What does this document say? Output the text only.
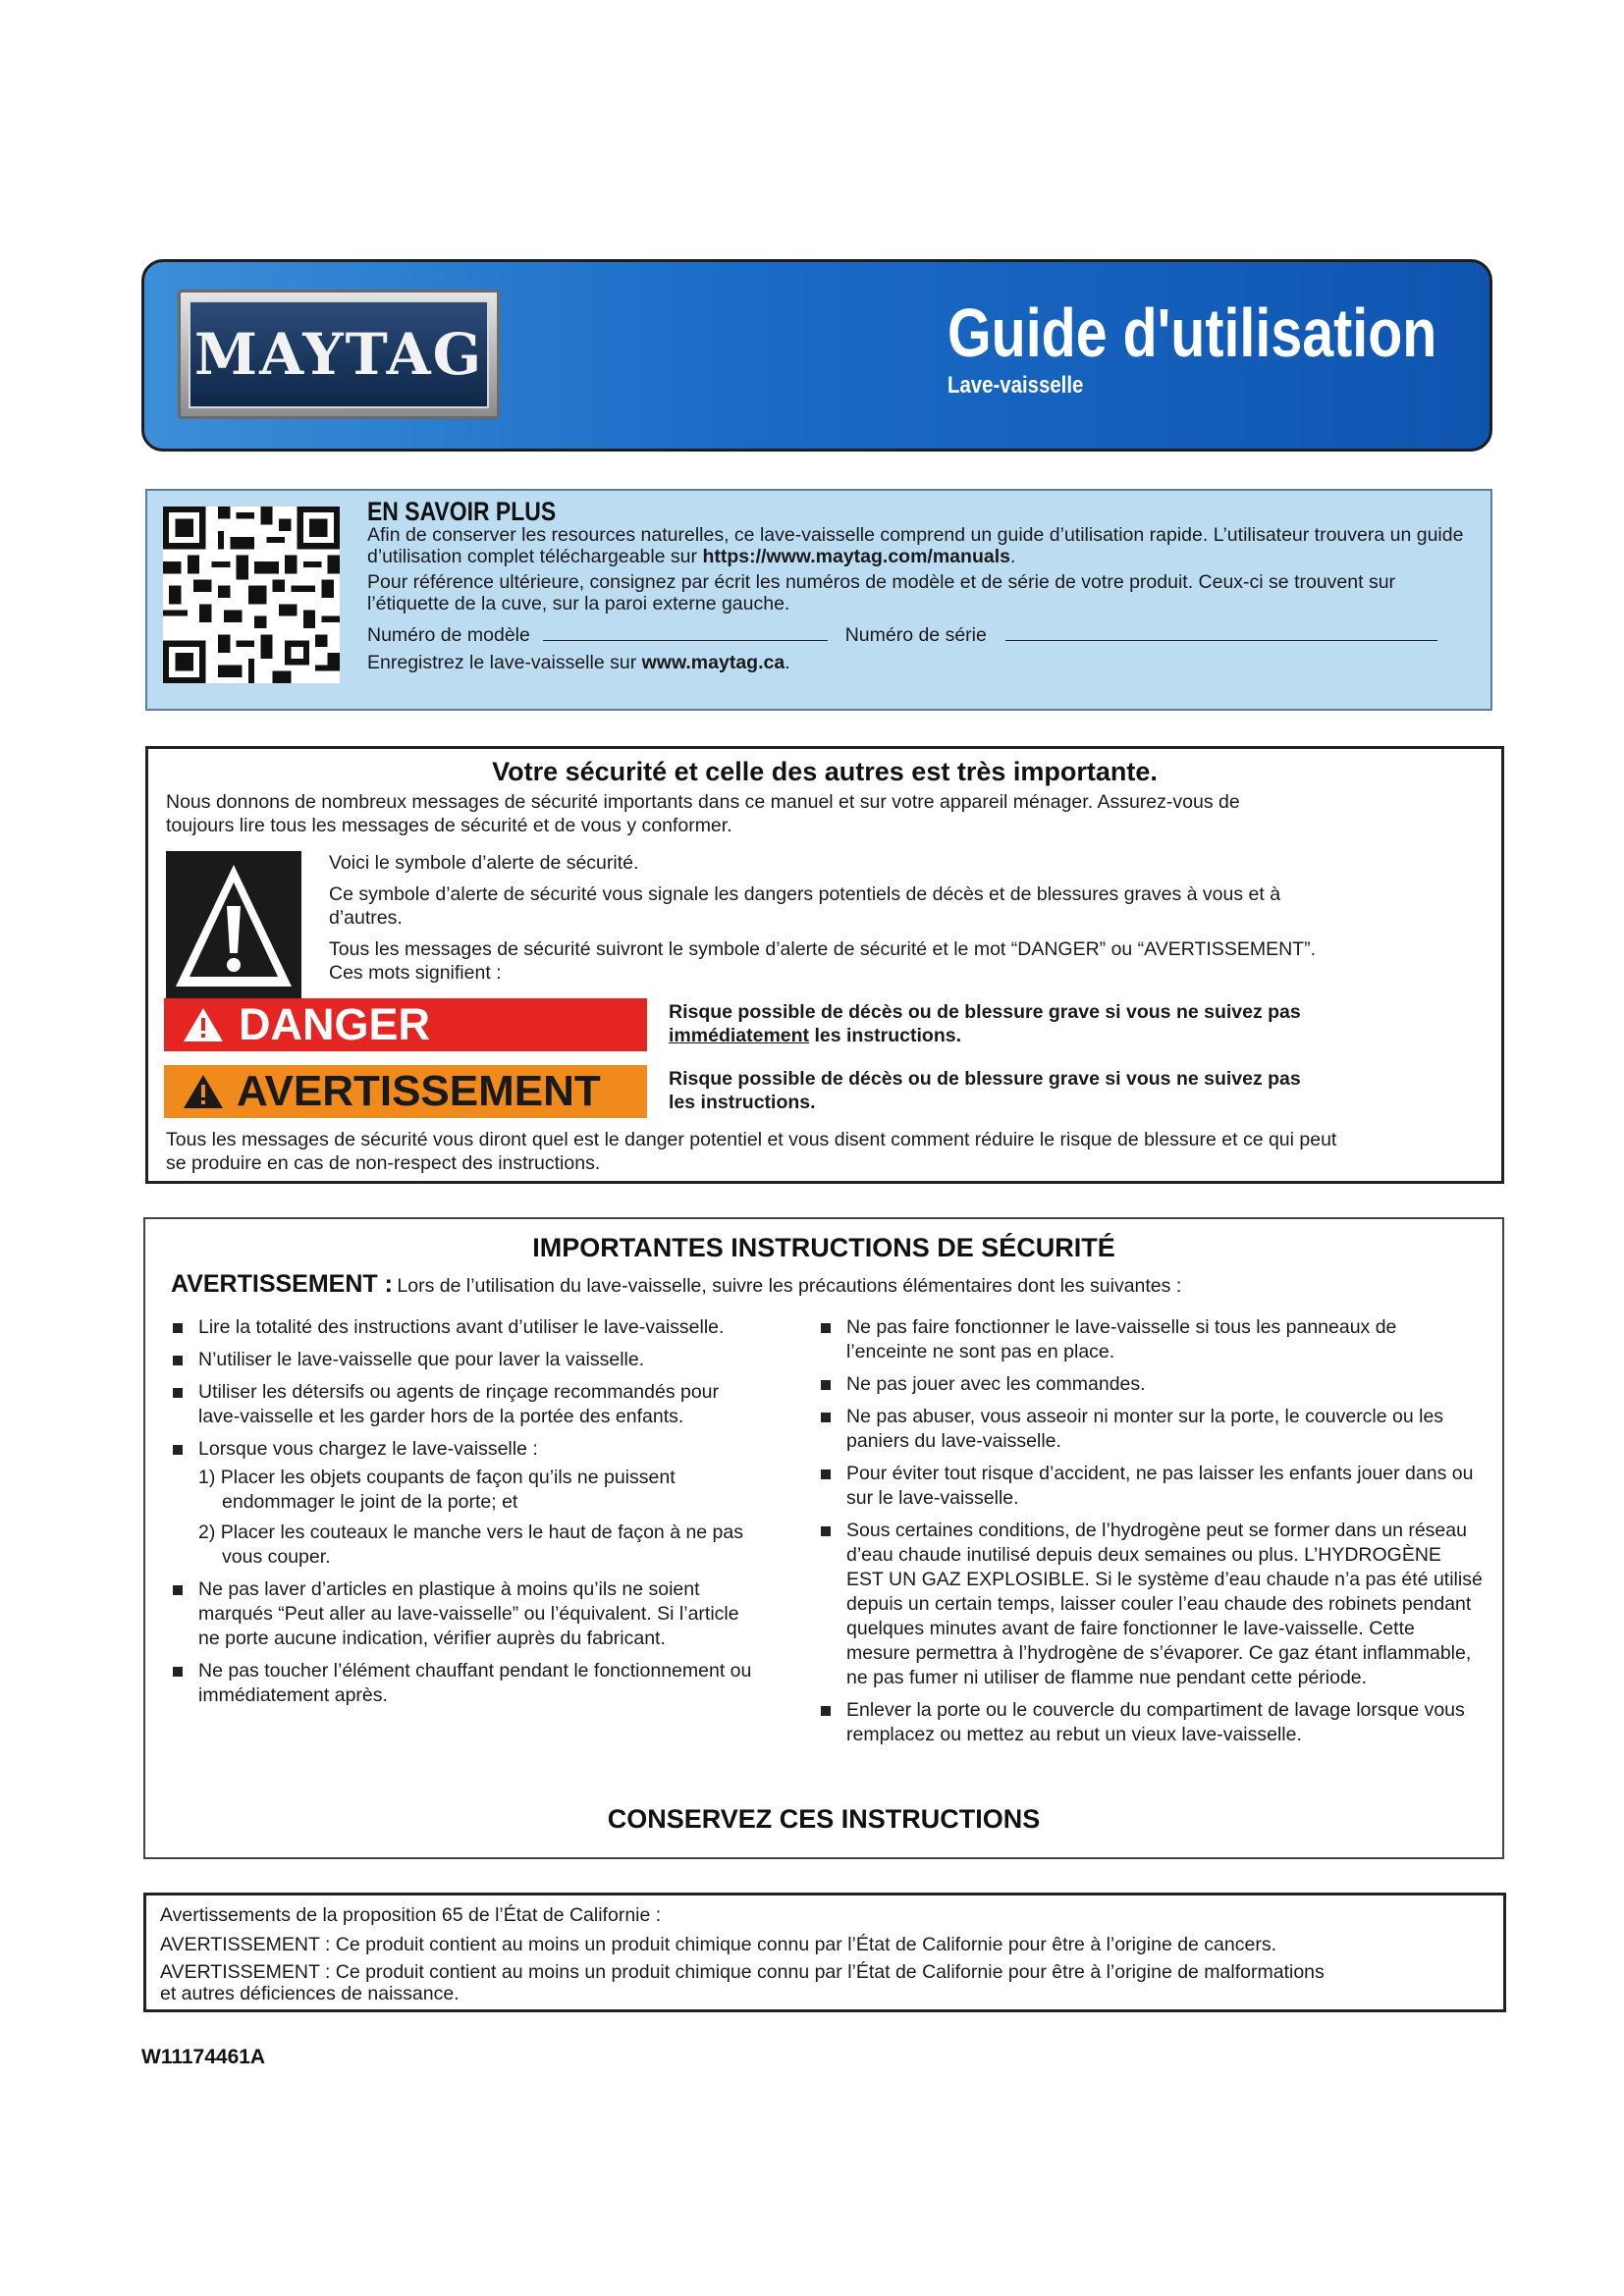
MAYTAG	Guide d'utilisation
Lave-vaisselle
EN SAVOIR PLUS
Afin de conserver les resources naturelles, ce lave-vaisselle comprend un guide d’utilisation rapide. L’utilisateur trouvera un guide
d’utilisation complet téléchargeable sur https://www.maytag.com/manuals.
Pour référence ultérieure, consignez par écrit les numéros de modèle et de série de votre produit. Ceux-ci se trouvent sur
l’étiquette de la cuve, sur la paroi externe gauche.
Numéro de modèle	Numéro de série
Enregistrez le lave-vaisselle sur www.maytag.ca.
Votre sécurité et celle des autres est très importante.
Nous donnons de nombreux messages de sécurité importants dans ce manuel et sur votre appareil ménager. Assurez-vous de
toujours lire tous les messages de sécurité et de vous y conformer.
Voici le symbole d’alerte de sécurité.
Ce symbole d’alerte de sécurité vous signale les dangers potentiels de décès et de blessures graves à vous et à
d’autres.
Tous les messages de sécurité suivront le symbole d’alerte de sécurité et le mot “DANGER” ou “AVERTISSEMENT”.
Ces mots signifient :
DANGER	Risque possible de décès ou de blessure grave si vous ne suivez pas
immédiatement les instructions.
AVERTISSEMENT	Risque possible de décès ou de blessure grave si vous ne suivez pas
les instructions.
Tous les messages de sécurité vous diront quel est le danger potentiel et vous disent comment réduire le risque de blessure et ce qui peut
se produire en cas de non-respect des instructions.
IMPORTANTES INSTRUCTIONS DE SÉCURITÉ
AVERTISSEMENT : Lors de l’utilisation du lave-vaisselle, suivre les précautions élémentaires dont les suivantes :
Lire la totalité des instructions avant d’utiliser le lave-vaisselle.
N’utiliser le lave-vaisselle que pour laver la vaisselle.
Utiliser les détersifs ou agents de rinçage recommandés pour lave-vaisselle et les garder hors de la portée des enfants.
Lorsque vous chargez le lave-vaisselle :
1) Placer les objets coupants de façon qu’ils ne puissent endommager le joint de la porte; et
2) Placer les couteaux le manche vers le haut de façon à ne pas vous couper.
Ne pas laver d’articles en plastique à moins qu’ils ne soient marqués “Peut aller au lave-vaisselle” ou l’équivalent. Si l’article ne porte aucune indication, vérifier auprès du fabricant.
Ne pas toucher l’élément chauffant pendant le fonctionnement ou immédiatement après.
Ne pas faire fonctionner le lave-vaisselle si tous les panneaux de l’enceinte ne sont pas en place.
Ne pas jouer avec les commandes.
Ne pas abuser, vous asseoir ni monter sur la porte, le couvercle ou les paniers du lave-vaisselle.
Pour éviter tout risque d’accident, ne pas laisser les enfants jouer dans ou sur le lave-vaisselle.
Sous certaines conditions, de l’hydrogène peut se former dans un réseau d’eau chaude inutilisé depuis deux semaines ou plus. L’HYDROGÈNE EST UN GAZ EXPLOSIBLE. Si le système d’eau chaude n’a pas été utilisé depuis un certain temps, laisser couler l’eau chaude des robinets pendant quelques minutes avant de faire fonctionner le lave-vaisselle. Cette mesure permettra à l’hydrogène de s’évaporer. Ce gaz étant inflammable, ne pas fumer ni utiliser de flamme nue pendant cette période.
Enlever la porte ou le couvercle du compartiment de lavage lorsque vous remplacez ou mettez au rebut un vieux lave-vaisselle.
CONSERVEZ CES INSTRUCTIONS
Avertissements de la proposition 65 de l’État de Californie :
AVERTISSEMENT : Ce produit contient au moins un produit chimique connu par l’État de Californie pour être à l’origine de cancers.
AVERTISSEMENT : Ce produit contient au moins un produit chimique connu par l’État de Californie pour être à l’origine de malformations
et autres déficiences de naissance.
W11174461A
